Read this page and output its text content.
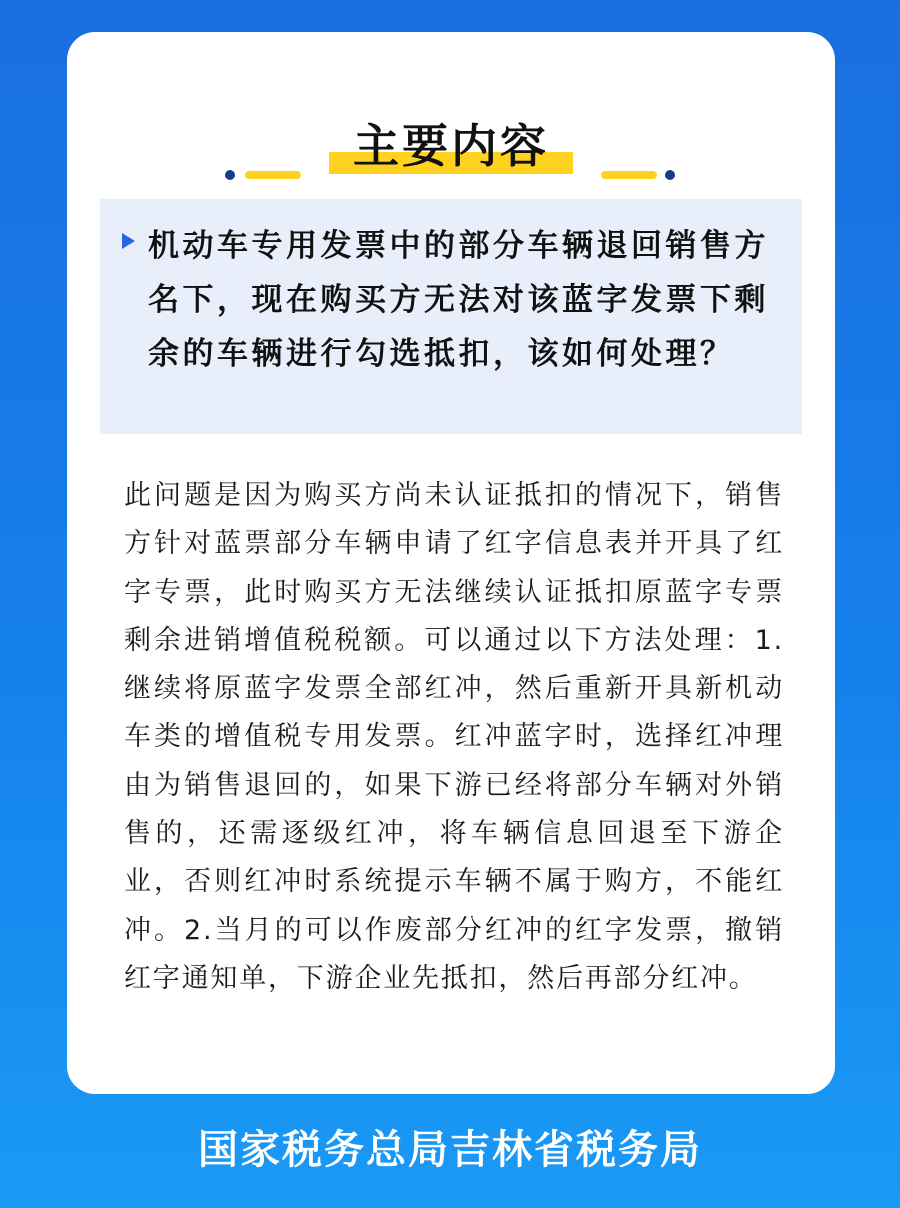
主要内容
机动车专用发票中的部分车辆退回销售方名下，现在购买方无法对该蓝字发票下剩余的车辆进行勾选抵扣，该如何处理？
此问题是因为购买方尚未认证抵扣的情况下，销售方针对蓝票部分车辆申请了红字信息表并开具了红字专票，此时购买方无法继续认证抵扣原蓝字专票剩余进销增值税税额。可以通过以下方法处理：1.继续将原蓝字发票全部红冲，然后重新开具新机动车类的增值税专用发票。红冲蓝字时，选择红冲理由为销售退回的，如果下游已经将部分车辆对外销售的，还需逐级红冲，将车辆信息回退至下游企业，否则红冲时系统提示车辆不属于购方，不能红冲。2.当月的可以作废部分红冲的红字发票，撤销红字通知单，下游企业先抵扣，然后再部分红冲。
国家税务总局吉林省税务局
